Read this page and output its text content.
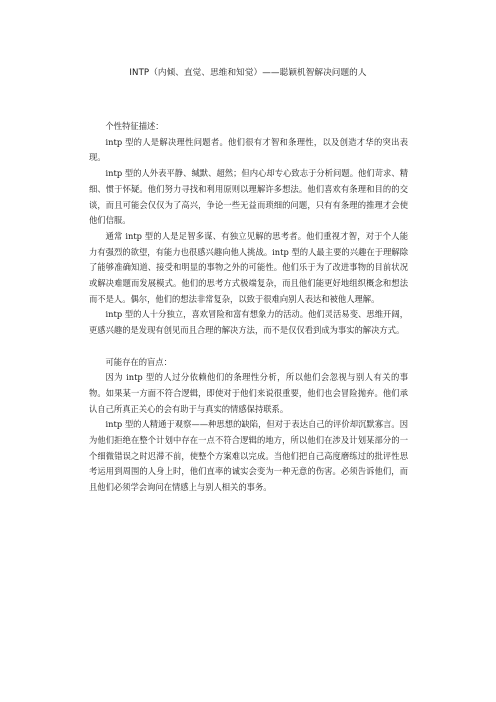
INTP（内倾、直觉、思维和知觉）——聪颖机智解决问题的人

个性特征描述：

intp 型的人是解决理性问题者。他们很有才智和条理性，以及创造才华的突出表现。

intp 型的人外表平静、缄默、超然；但内心却专心致志于分析问题。他们苛求、精细、惯于怀疑。他们努力寻找和利用原则以理解许多想法。他们喜欢有条理和目的的交谈，而且可能会仅仅为了高兴，争论一些无益而琐细的问题，只有有条理的推理才会使他们信服。

通常 intp 型的人是足智多谋、有独立见解的思考者。他们重视才智，对于个人能力有强烈的欲望，有能力也很感兴趣向他人挑战。intp 型的人最主要的兴趣在于理解除了能够准确知道、接受和明显的事物之外的可能性。他们乐于为了改进事物的目前状况或解决难题而发展模式。他们的思考方式极端复杂，而且他们能更好地组织概念和想法而不是人。偶尔，他们的想法非常复杂，以致于很难向别人表达和被他人理解。

intp 型的人十分独立，喜欢冒险和富有想象力的活动。他们灵活易变、思维开阔，更感兴趣的是发现有创见而且合理的解决方法，而不是仅仅看到成为事实的解决方式。

可能存在的盲点：

因为 intp 型的人过分依赖他们的条理性分析，所以他们会忽视与别人有关的事物。如果某一方面不符合逻辑，即使对于他们来说很重要，他们也会冒险抛弃。他们承认自己所真正关心的会有助于与真实的情感保持联系。

intp 型的人精通于观察——种思想的缺陷，但对于表达自己的评价却沉默寡言。因为他们拒绝在整个计划中存在一点不符合逻辑的地方，所以他们在涉及计划某部分的一个细微错误之时迟滞不前，使整个方案难以完成。当他们把自己高度磨练过的批评性思考运用到周围的人身上时，他们直率的诚实会变为一种无意的伤害。必须告诉他们，而且他们必须学会询问在情感上与别人相关的事务。
